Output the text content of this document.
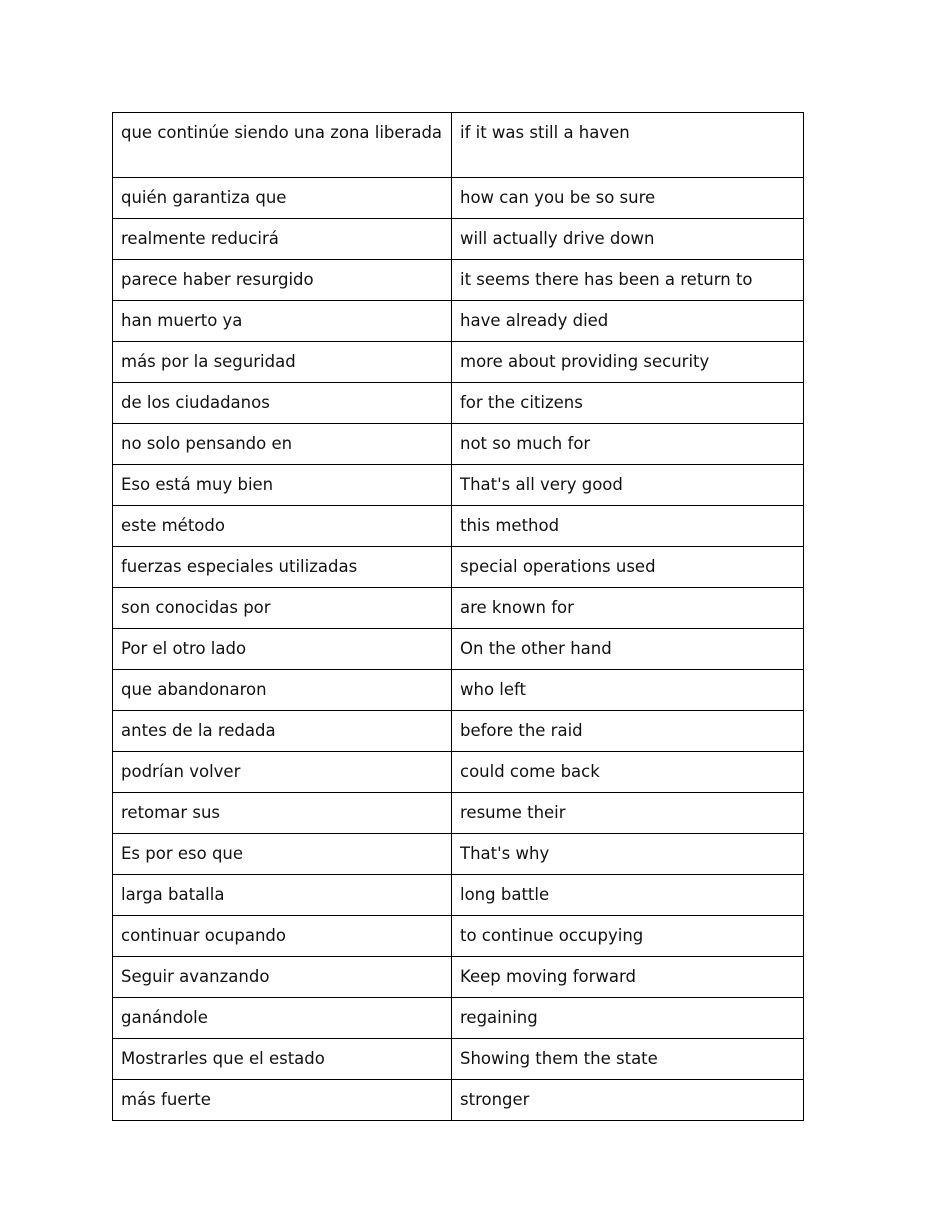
que continúe siendo una zona liberada	if it was still a haven
quién garantiza que	how can you be so sure
realmente reducirá	will actually drive down
parece haber resurgido	it seems there has been a return to
han muerto ya	have already died
más por la seguridad	more about providing security
de los ciudadanos	for the citizens
no solo pensando en	not so much for
Eso está muy bien	That's all very good
este método	this method
fuerzas especiales utilizadas	special operations used
son conocidas por	are known for
Por el otro lado	On the other hand
que abandonaron	who left
antes de la redada	before the raid
podrían volver	could come back
retomar sus	resume their
Es por eso que	That's why
larga batalla	long battle
continuar ocupando	to continue occupying
Seguir avanzando	Keep moving forward
ganándole	regaining
Mostrarles que el estado	Showing them the state
más fuerte	stronger
